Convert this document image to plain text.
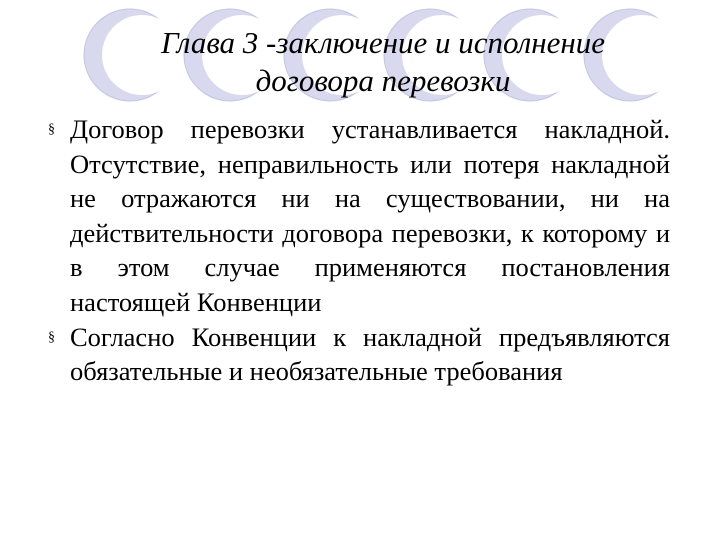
Глава 3 -заключение и исполнение
договора перевозки
§ Договор перевозки устанавливается накладной. Отсутствие, неправильность или потеря накладной не отражаются ни на существовании, ни на действительности договора перевозки, к которому и в этом случае применяются постановления настоящей Конвенции
§ Согласно Конвенции к накладной предъявляются обязательные и необязательные требования
